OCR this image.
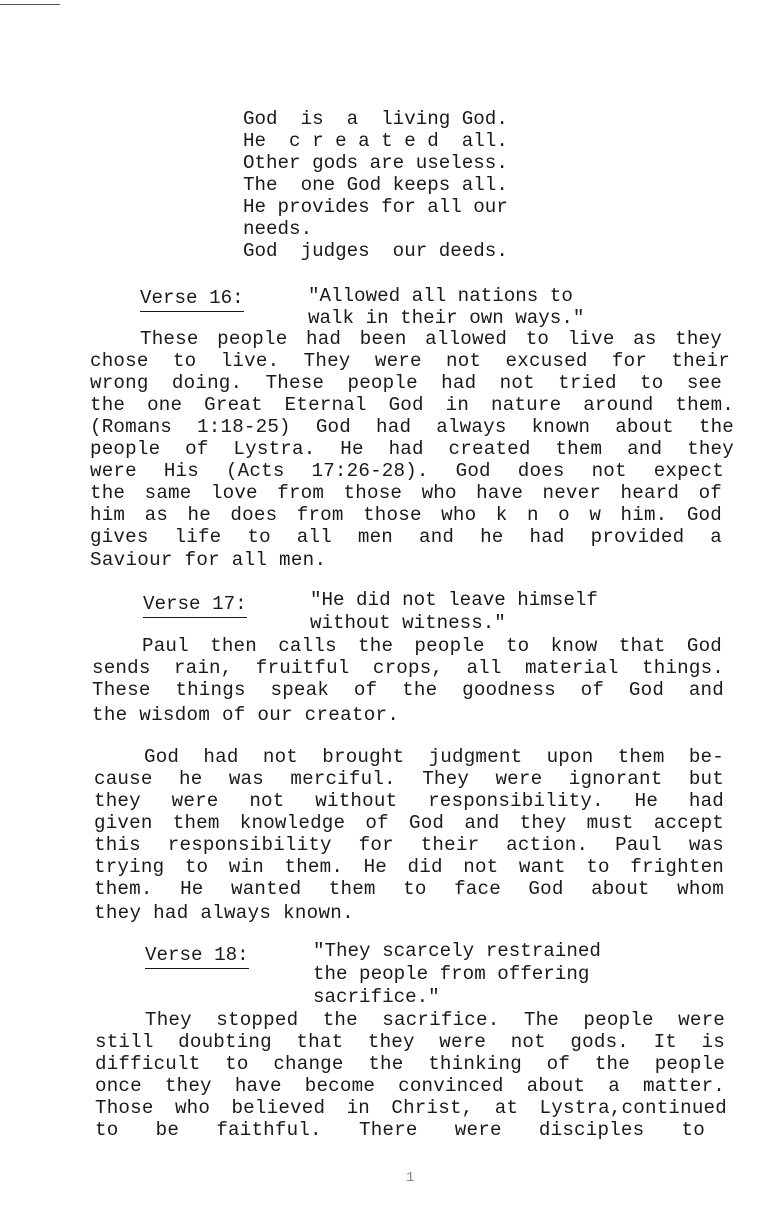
God  is  a  living God.
He  c r e a t e d  all.
Other gods are useless.
The  one God keeps all.
He provides for all our
needs.
God  judges  our deeds.
Verse 16:	"Allowed all nations to
walk in their own ways."
These people had been allowed to live as they
chose to live. They were not excused for their
wrong doing. These people had not tried to see
the one Great Eternal God in nature around them.
(Romans 1:18-25) God had always known about the
people of Lystra. He had created them and they
were His (Acts 17:26-28). God does not expect
the same love from those who have never heard of
him as he does from those who k n o w him. God
gives life to all men and he had provided a
Saviour for all men.
Verse 17:	"He did not leave himself
without witness."
Paul then calls the people to know that God
sends rain, fruitful crops, all material things.
These things speak of the goodness of God and
the wisdom of our creator.
God had not brought judgment upon them be-
cause he was merciful. They were ignorant but
they were not without responsibility. He had
given them knowledge of God and they must accept
this responsibility for their action. Paul was
trying to win them. He did not want to frighten
them. He wanted them to face God about whom
they had always known.
Verse 18:	"They scarcely restrained
the people from offering
sacrifice."
They stopped the sacrifice. The people were
still doubting that they were not gods. It is
difficult to change the thinking of the people
once they have become convinced about a matter.
Those who believed in Christ, at Lystra,continued
to be faithful. There were disciples to
1
